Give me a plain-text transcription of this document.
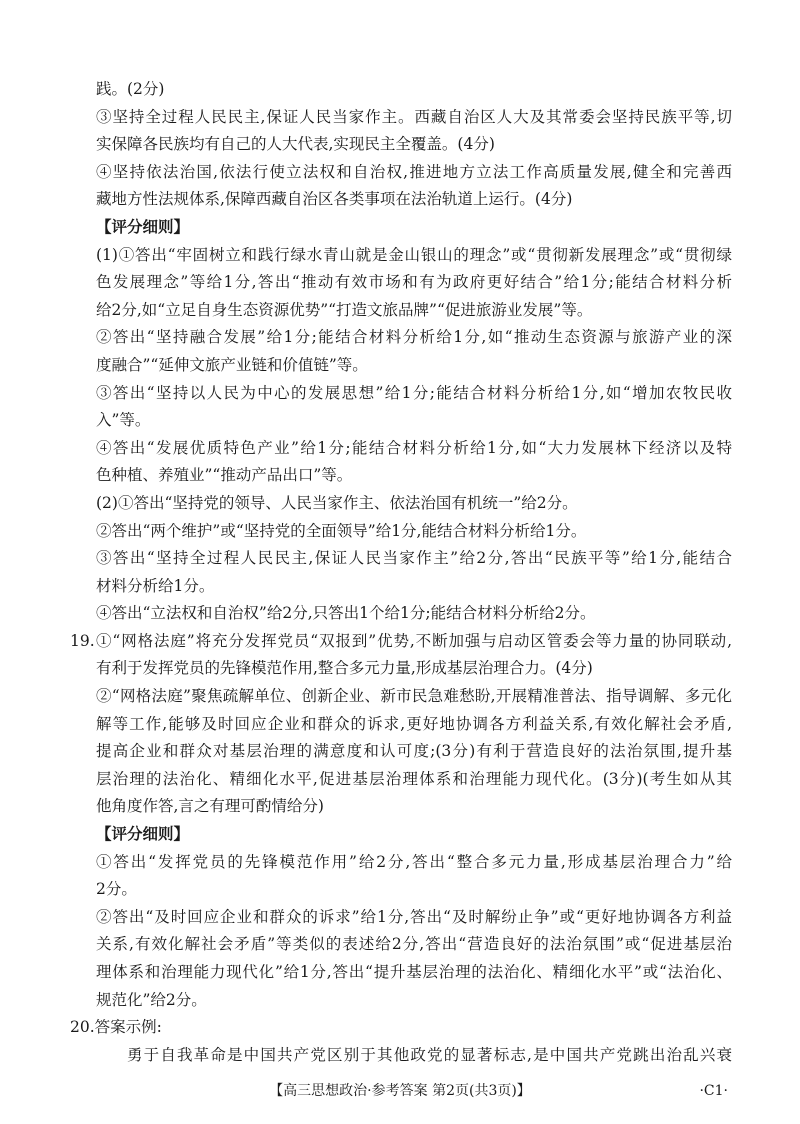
践。(2分)
③坚持全过程人民民主,保证人民当家作主。西藏自治区人大及其常委会坚持民族平等,切
实保障各民族均有自己的人大代表,实现民主全覆盖。(4分)
④坚持依法治国,依法行使立法权和自治权,推进地方立法工作高质量发展,健全和完善西
藏地方性法规体系,保障西藏自治区各类事项在法治轨道上运行。(4分)
【评分细则】
(1)①答出“牢固树立和践行绿水青山就是金山银山的理念”或“贯彻新发展理念”或“贯彻绿
色发展理念”等给1分,答出“推动有效市场和有为政府更好结合”给1分;能结合材料分析
给2分,如“立足自身生态资源优势”“打造文旅品牌”“促进旅游业发展”等。
②答出“坚持融合发展”给1分;能结合材料分析给1分,如“推动生态资源与旅游产业的深
度融合”“延伸文旅产业链和价值链”等。
③答出“坚持以人民为中心的发展思想”给1分;能结合材料分析给1分,如“增加农牧民收
入”等。
④答出“发展优质特色产业”给1分;能结合材料分析给1分,如“大力发展林下经济以及特
色种植、养殖业”“推动产品出口”等。
(2)①答出“坚持党的领导、人民当家作主、依法治国有机统一”给2分。
②答出“两个维护”或“坚持党的全面领导”给1分,能结合材料分析给1分。
③答出“坚持全过程人民民主,保证人民当家作主”给2分,答出“民族平等”给1分,能结合
材料分析给1分。
④答出“立法权和自治权”给2分,只答出1个给1分;能结合材料分析给2分。
19. ①“网格法庭”将充分发挥党员“双报到”优势,不断加强与启动区管委会等力量的协同联动,
有利于发挥党员的先锋模范作用,整合多元力量,形成基层治理合力。(4分)
②“网格法庭”聚焦疏解单位、创新企业、新市民急难愁盼,开展精准普法、指导调解、多元化
解等工作,能够及时回应企业和群众的诉求,更好地协调各方利益关系,有效化解社会矛盾,
提高企业和群众对基层治理的满意度和认可度;(3分)有利于营造良好的法治氛围,提升基
层治理的法治化、精细化水平,促进基层治理体系和治理能力现代化。(3分)(考生如从其
他角度作答,言之有理可酌情给分)
【评分细则】
①答出“发挥党员的先锋模范作用”给2分,答出“整合多元力量,形成基层治理合力”给
2分。
②答出“及时回应企业和群众的诉求”给1分,答出“及时解纷止争”或“更好地协调各方利益
关系,有效化解社会矛盾”等类似的表述给2分,答出“营造良好的法治氛围”或“促进基层治
理体系和治理能力现代化”给1分,答出“提升基层治理的法治化、精细化水平”或“法治化、
规范化”给2分。
20.答案示例:
勇于自我革命是中国共产党区别于其他政党的显著标志,是中国共产党跳出治乱兴衰
【高三思想政治·参考答案 第2页(共3页)】	·C1·
